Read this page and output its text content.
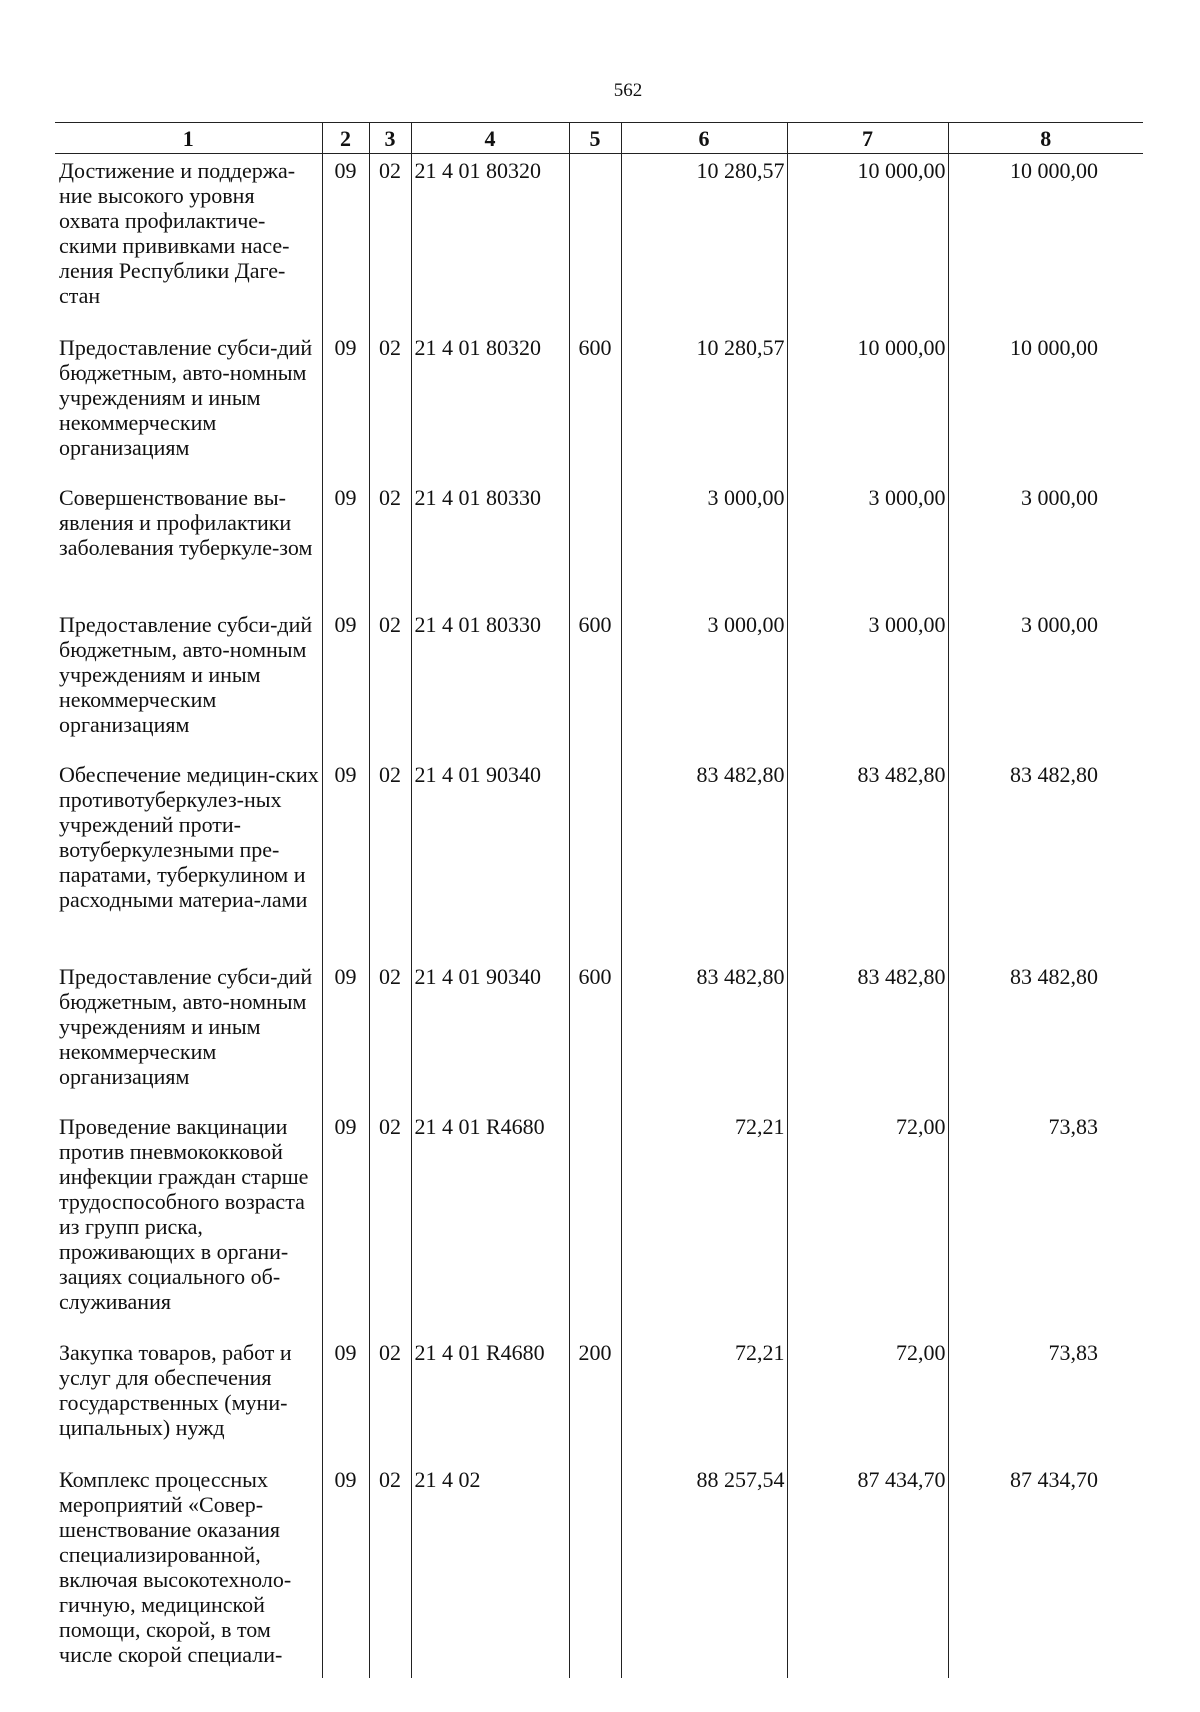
562
1	2	3	4	5	6	7	8
Достижение и поддержа-ние высокого уровня охвата профилактиче-скими прививками насе-ления Республики Даге-стан	09	02	21 4 01 80320		10 280,57	10 000,00	10 000,00
Предоставление субси-дий бюджетным, авто-номным учреждениям и иным некоммерческим организациям	09	02	21 4 01 80320	600	10 280,57	10 000,00	10 000,00
Совершенствование вы-явления и профилактики заболевания туберкуле-зом	09	02	21 4 01 80330		3 000,00	3 000,00	3 000,00
Предоставление субси-дий бюджетным, авто-номным учреждениям и иным некоммерческим организациям	09	02	21 4 01 80330	600	3 000,00	3 000,00	3 000,00
Обеспечение медицин-ских противотуберкулез-ных учреждений проти-вотуберкулезными пре-паратами, туберкулином и расходными материа-лами	09	02	21 4 01 90340		83 482,80	83 482,80	83 482,80
Предоставление субси-дий бюджетным, авто-номным учреждениям и иным некоммерческим организациям	09	02	21 4 01 90340	600	83 482,80	83 482,80	83 482,80
Проведение вакцинации против пневмококковой инфекции граждан старше трудоспособного возраста из групп риска, проживающих в органи-зациях социального об-служивания	09	02	21 4 01 R4680		72,21	72,00	73,83
Закупка товаров, работ и услуг для обеспечения государственных (муни-ципальных) нужд	09	02	21 4 01 R4680	200	72,21	72,00	73,83
Комплекс процессных мероприятий «Совер-шенствование оказания специализированной, включая высокотехноло-гичную, медицинской помощи, скорой, в том числе скорой специали-	09	02	21 4 02		88 257,54	87 434,70	87 434,70
